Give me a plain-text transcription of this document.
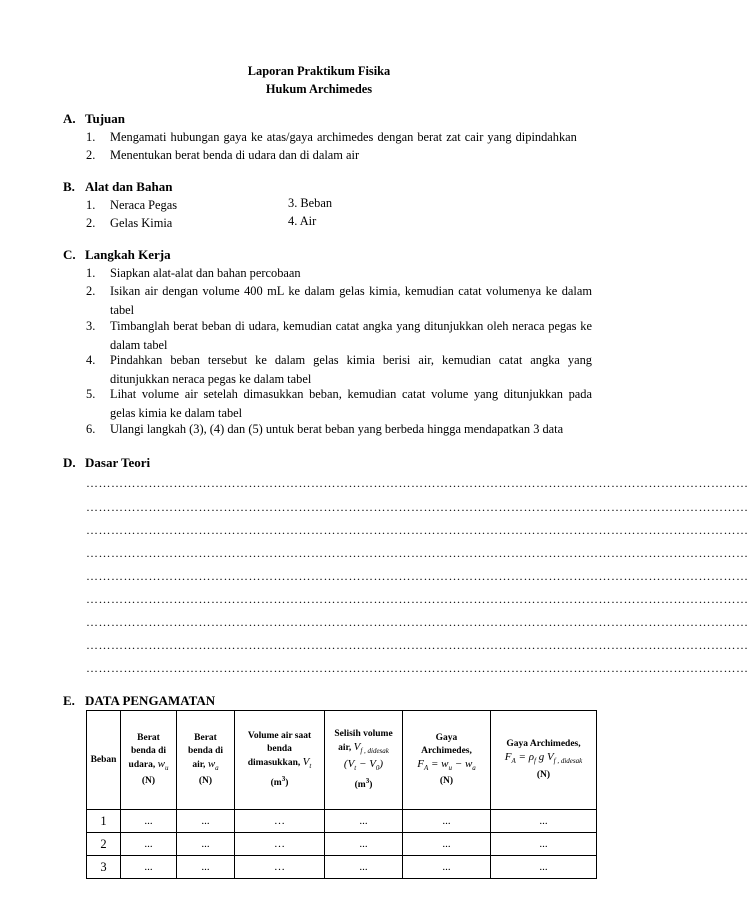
Laporan Praktikum Fisika
Hukum Archimedes
A. Tujuan
1. Mengamati hubungan gaya ke atas/gaya archimedes dengan berat zat cair yang dipindahkan
2. Menentukan berat benda di udara dan di dalam air
B. Alat dan Bahan
1. Neraca Pegas
2. Gelas Kimia
3. Beban
4. Air
C. Langkah Kerja
1. Siapkan alat-alat dan bahan percobaan
2. Isikan air dengan volume 400 mL ke dalam gelas kimia, kemudian catat volumenya ke dalam tabel
3. Timbanglah berat beban di udara, kemudian catat angka yang ditunjukkan oleh neraca pegas ke dalam tabel
4. Pindahkan beban tersebut ke dalam gelas kimia berisi air, kemudian catat angka yang ditunjukkan neraca pegas ke dalam tabel
5. Lihat volume air setelah dimasukkan beban, kemudian catat volume yang ditunjukkan pada gelas kimia ke dalam tabel
6. Ulangi langkah (3), (4) dan (5) untuk berat beban yang berbeda hingga mendapatkan 3 data
D. Dasar Teori
……………………………………………………………………………………………………………………………………………
……………………………………………………………………………………………………………………………………………
……………………………………………………………………………………………………………………………………………
……………………………………………………………………………………………………………………………………………
……………………………………………………………………………………………………………………………………………
……………………………………………………………………………………………………………………………………………
……………………………………………………………………………………………………………………………………………
……………………………………………………………………………………………………………………………………………
……………………………………………………………………………………………………………………………………………
E. DATA PENGAMATAN
Beban	Berat
benda di
udara, $w_u$
(N)	Berat
benda di
air, $w_a$
(N)	Volume air saat
benda
dimasukkan, $V_t$
$(m^3)$	Selisih volume
air, $V_{f , didesak}$
$(V_t - V_0)$
$(m^3)$	Gaya
Archimedes,
$F_A = w_u - w_a$
(N)	Gaya Archimedes,
$F_A = \rho_f$ g $V_{f , didesak}$
(N)
1	...	...	…	...	...	...
2	...	...	…	...	...	...
3	...	...	…	...	...	...
